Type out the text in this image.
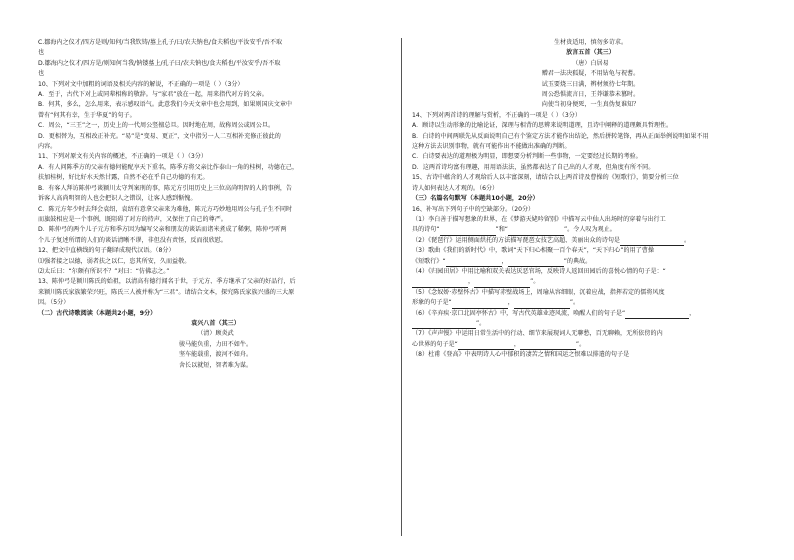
C.鄒海内之仪才/四方是则/知何/当我钦铸/墓上孔子/曰/农夫钠也/食夫稻也/平汝安乎/吾不取
也
D.鄒海内之仪才/四方是/则知何当我/钠镂墓上/孔子曰/农夫钠也/食夫稻也/平汝安乎/吾不取
也
10、下列对文中加粗的词语及相关内容的解说，不正确的一项是（ ）（3分）
A．至于，古代下对上或同辈相称的敬辞。与“家君”放在一起，用来指代对方的父亲。
B．何其，多么，怎么用来，表示感叹语气。此意我们今天文章中也会用到，如果则国庆文章中
曾有“何其有幸，生于华夏”的句子。
C．周公，“三王”之一，历史上的一代周公竖擅总旦。因时地在周，故称周公或周公旦。
D．更相替为，互相改正补充。“易”是“变易、更正”，文中指另一人二互相补充修正彼此的
内容。
11、下列对原文有关内容的概述，不正确的一项是（ ）（3分）
A．有人问陈季方的父亲有德何能配享天下重名，陈季方将父亲比作泰山一角的桂树，功德在己，
扶加桂树，好比好水天然甘露，自然不必在乎自己功德的有无。
B．有客人拜访陈仲弓谈颍川太守判案刑的事，陈元方引用历史上三位高尚明智的人的事例，告
诉客人高尚明智的人也会把识人之错误，让客人感到惭愧。
C．陈元方年少时去拜会袁绍，袁绍有意拿父亲来为难他，陈元方巧妙地用周公与孔子生不同时
而旗鼓相应是一个事例，既阻碍了对方的持声，又保住了自己的尊严。
D．陈仲弓的两个儿子元方和季方因为编写父亲和朋友的谈话而诸米煮成了稀粥，陈仲弓听两
个儿子复述所谓的人们的谈话清晰不谬，非但没有责怪，反而很欣慰。
12、把文中直横线的句子翻译成现代汉语。（8分）
⑴强者接之以德，弱者扶之以仁，恣其所安，久而益敬。
⑵太丘曰：“尔颇有所识不？”对曰：“仿佛志之。”
13、陈仲弓是颍川陈氏的始祖，以清高有德行闻名于世，于元方、季方继承了父亲的好品行，后
来颍川陈氏家族繁荣兴旺，陈氏三人被并称为“三君”。请结合文本，探究陈氏家族兴盛的三大原
因。（5分）
（二）古代诗歌阅读（本题共2小题，9分）
袁兴八首（其三）
（清）顾炎武
骏马能负重，力田不如牛。
坚车能载重，渡河不如舟。
舍长以就短，智者难为谋。
生材贵适用，慎勿多苛求。
放言五首（其三）
（唐）白居易
赠君一法决狐疑，不用钻龟与祝蓍。
试玉要烧三日满，辨材须待七年期。
周公恐惧流言日，王莽谦恭未篡时。
向使当初身便死，一生真伪复谁知？
14、下列对两首诗的理解与赏析，不正确的一项是（ ）（3分）
A．顾诗以生动形象的比喻论证，深理与相背的思辨来说明道理，且诗中阐释的道理颇具哲理性。
B．白诗的中间两联先从反面说明自己有个鉴定方法才能作出结论，然后拼转笔锋，再从正面举例说明如果不用
这种方法去识别事物，就有可能作出不能做出准确的判断。
C．白诗要表达的道理极为明显，即想要分析判断一些事物，一定要经过长期的考验。
D．这两首诗均富有理趣，用用语法法，虽然都表达了自己出的人才观，但角度有所不同。
15、古诗中蕴含的人才观给后人以丰富深刻，请结合以上两首诗及曹操的《短歌行》，简要分析三位
诗人如何表达人才观的。（6分）
（三）名篇名句默写（本题共10小题，20分）
16、补写出下列句子中的空缺部分。（20分）
（1）李白善于描写想象的世界，在《梦游天姥吟留别》中描写云中仙人出场时的穿着与出行工
具的诗句“	”和“	”。令人叹为观止。
（2）《琵琶行》运用侧面烘托的方法描写琵琶女技艺高超、美丽出众的诗句是	。
（3）歌曲《我们的新时代》中，歌词“天下归心相聚一百个春天”，“天下归心”的用了曹操
《短歌行》“	，	”的典故。
（4）《归园田居》中用比喻和双关表达厌恶官场，反映诗人返回田园后的喜悦心情的句子是：“
，	”。
（5）《念奴娇·赤壁怀古》中描写赤壁战场上，周瑜从容细眼，沉着应战，指挥若定的儒将风度
形象的句子是“	，	”。
（6）《辛弃疾·京口北固亭怀古》中，写古代英雄业迹风流，唤醒人们的句子是“	，
”。
（7）《声声慢》中运用日常生活中的行动、细节来展现词人无聊愁，百无聊赖，无所依傍的内
心世界的句子是“	，	”。
（8）杜甫《登高》中表明诗人心中郁积的凄苦之情和国运之恨难以排遣的句子是
